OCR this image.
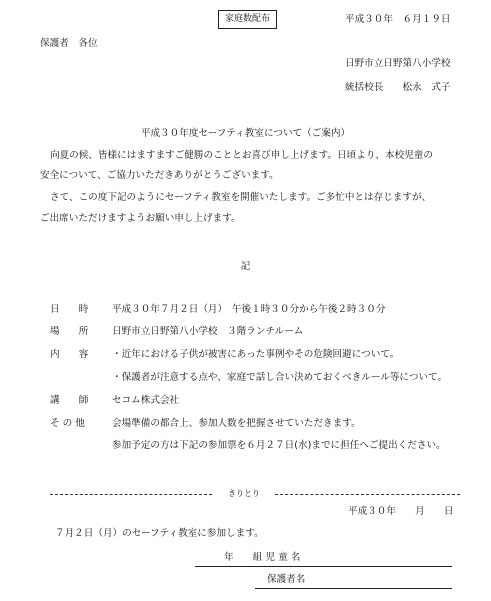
家庭数配布	平成３０年　６月１９日
保護者　各位
日野市立日野第八小学校
統括校長　　松永　式子
平成３０年度セーフティ教室について（ご案内）
向夏の候、皆様にはますますご健勝のこととお喜び申し上げます。日頃より、本校児童の
安全について、ご協力いただきありがとうございます。
さて、この度下記のようにセーフティ教室を開催いたします。ご多忙中とは存じますが、
ご出席いただけますようお願い申し上げます。
記
日　　時 平成３０年７月２日（月）　午後１時３０分から午後２時３０分
場　　所 日野市立日野第八小学校　３階ランチルーム
内　　容 ・近年における子供が被害にあった事例やその危険回避について。
・保護者が注意する点や、家庭で話し合い決めておくべきルール等について。
講　　師 セコム株式会社
そ の 他	会場準備の都合上、参加人数を把握させていただきます。
参加予定の方は下記の参加票を６月２７日(水)までに担任へご提出ください。
きりとり
平成３０年　　月　　日
７月２日（月）のセーフティ教室に参加します。
年　　組 児 童 名
保護者名
